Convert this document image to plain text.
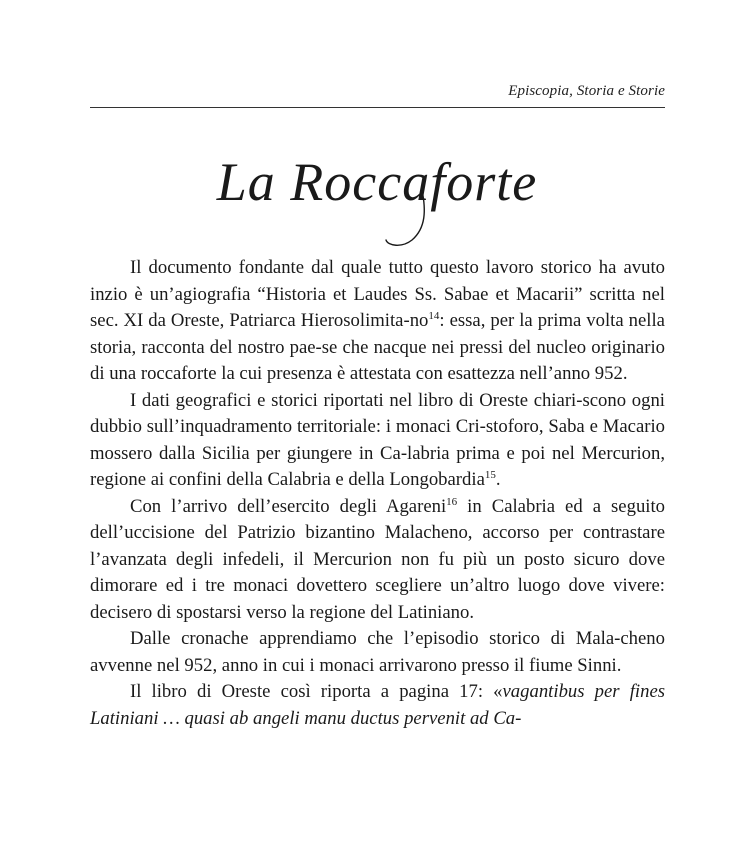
Episcopia, Storia e Storie
La Roccaforte

Il documento fondante dal quale tutto questo lavoro storico ha avuto inzio è un’agiografia “Historia et Laudes Ss. Sabae et Macarii” scritta nel sec. XI da Oreste, Patriarca Hierosolimita-$no^{14}$: essa, per la prima volta nella storia, racconta del nostro pae-se che nacque nei pressi del nucleo originario di una roccaforte la cui presenza è attestata con esattezza nell’anno 952.

I dati geografici e storici riportati nel libro di Oreste chiari-scono ogni dubbio sull’inquadramento territoriale: i monaci Cri-stoforo, Saba e Macario mossero dalla Sicilia per giungere in Ca-labria prima e poi nel Mercurion, regione ai confini della Calabria e della Longobardia$^{15}$.

Con l’arrivo dell’esercito degli Agareni$^{16}$ in Calabria ed a seguito dell’uccisione del Patrizio bizantino Malacheno, accorso per contrastare l’avanzata degli infedeli, il Mercurion non fu più un posto sicuro dove dimorare ed i tre monaci dovettero scegliere un’altro luogo dove vivere: decisero di spostarsi verso la regione del Latiniano.

Dalle cronache apprendiamo che l’episodio storico di Mala-cheno avvenne nel 952, anno in cui i monaci arrivarono presso il fiume Sinni.

Il libro di Oreste così riporta a pagina 17: «vagantibus per fines Latiniani … quasi ab angeli manu ductus pervenit ad Ca-
